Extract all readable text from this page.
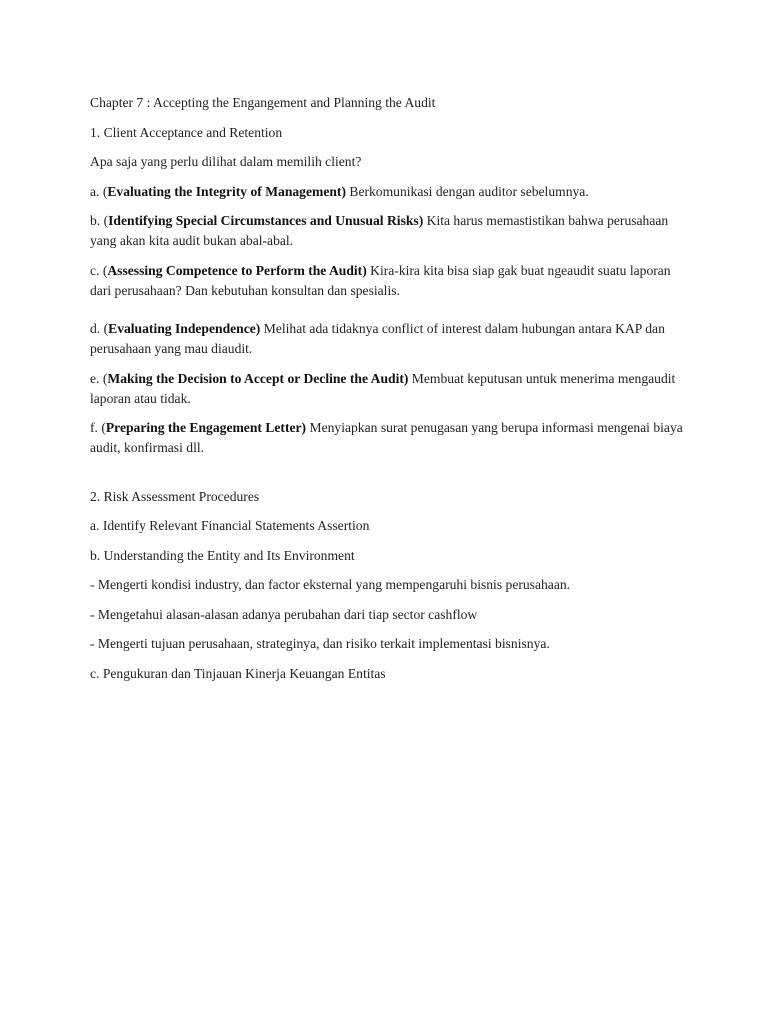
Chapter 7 : Accepting the Engangement and Planning the Audit

1. Client Acceptance and Retention

Apa saja yang perlu dilihat dalam memilih client?

a. (Evaluating the Integrity of Management) Berkomunikasi dengan auditor sebelumnya.

b. (Identifying Special Circumstances and Unusual Risks) Kita harus memastistikan bahwa perusahaan yang akan kita audit bukan abal-abal.

c. (Assessing Competence to Perform the Audit) Kira-kira kita bisa siap gak buat ngeaudit suatu laporan dari perusahaan? Dan kebutuhan konsultan dan spesialis.

d. (Evaluating Independence) Melihat ada tidaknya conflict of interest dalam hubungan antara KAP dan perusahaan yang mau diaudit.

e. (Making the Decision to Accept or Decline the Audit) Membuat keputusan untuk menerima mengaudit laporan atau tidak.

f. (Preparing the Engagement Letter) Menyiapkan surat penugasan yang berupa informasi mengenai biaya audit, konfirmasi dll.

2. Risk Assessment Procedures

a. Identify Relevant Financial Statements Assertion

b. Understanding the Entity and Its Environment

- Mengerti kondisi industry, dan factor eksternal yang mempengaruhi bisnis perusahaan.

- Mengetahui alasan-alasan adanya perubahan dari tiap sector cashflow

- Mengerti tujuan perusahaan, strateginya, dan risiko terkait implementasi bisnisnya.

c. Pengukuran dan Tinjauan Kinerja Keuangan Entitas
